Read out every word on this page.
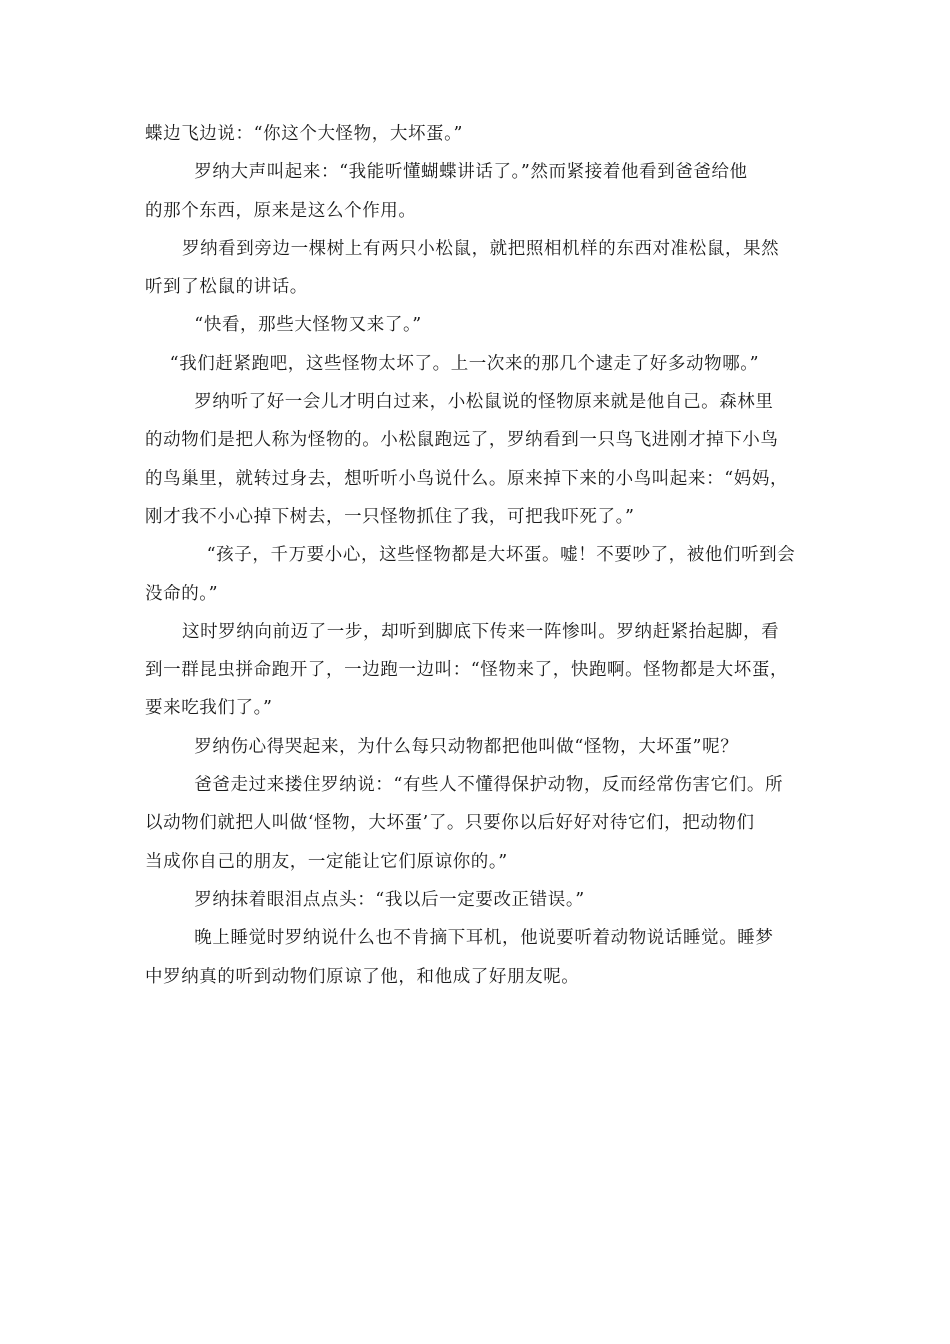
蝶边飞边说：“你这个大怪物，大坏蛋。”
罗纳大声叫起来：“我能听懂蝴蝶讲话了。”然而紧接着他看到爸爸给他
的那个东西，原来是这么个作用。
罗纳看到旁边一棵树上有两只小松鼠，就把照相机样的东西对准松鼠，果然
听到了松鼠的讲话。
“快看，那些大怪物又来了。”
“我们赶紧跑吧，这些怪物太坏了。上一次来的那几个逮走了好多动物哪。”
罗纳听了好一会儿才明白过来，小松鼠说的怪物原来就是他自己。森林里
的动物们是把人称为怪物的。小松鼠跑远了，罗纳看到一只鸟飞进刚才掉下小鸟
的鸟巢里，就转过身去，想听听小鸟说什么。原来掉下来的小鸟叫起来：“妈妈，
刚才我不小心掉下树去，一只怪物抓住了我，可把我吓死了。”
“孩子，千万要小心，这些怪物都是大坏蛋。嘘！不要吵了，被他们听到会
没命的。”
这时罗纳向前迈了一步，却听到脚底下传来一阵惨叫。罗纳赶紧抬起脚，看
到一群昆虫拼命跑开了，一边跑一边叫：“怪物来了，快跑啊。怪物都是大坏蛋，
要来吃我们了。”
罗纳伤心得哭起来，为什么每只动物都把他叫做“怪物，大坏蛋”呢？
爸爸走过来搂住罗纳说：“有些人不懂得保护动物，反而经常伤害它们。所
以动物们就把人叫做‘怪物，大坏蛋’了。只要你以后好好对待它们，把动物们
当成你自己的朋友，一定能让它们原谅你的。”
罗纳抹着眼泪点点头：“我以后一定要改正错误。”
晚上睡觉时罗纳说什么也不肯摘下耳机，他说要听着动物说话睡觉。睡梦
中罗纳真的听到动物们原谅了他，和他成了好朋友呢。
